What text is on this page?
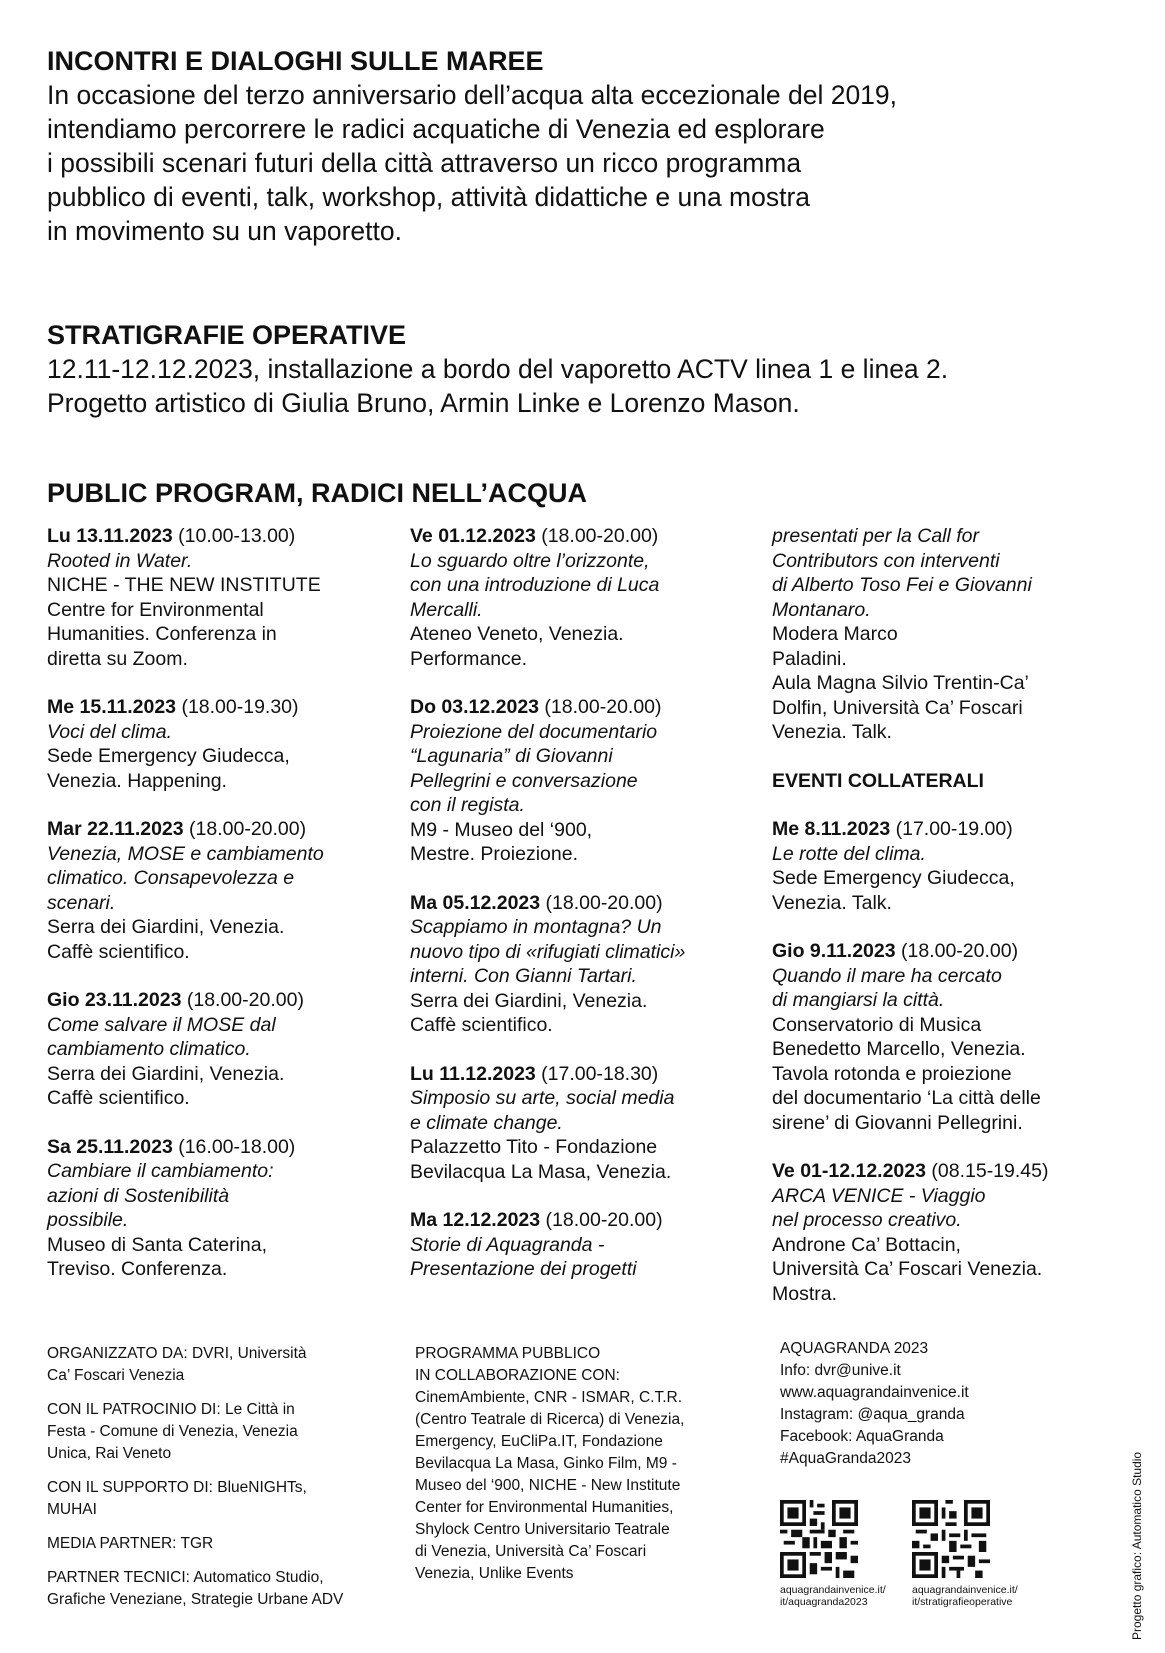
INCONTRI E DIALOGHI SULLE MAREE

In occasione del terzo anniversario dell’acqua alta eccezionale del 2019,
intendiamo percorrere le radici acquatiche di Venezia ed esplorare
i possibili scenari futuri della città attraverso un ricco programma
pubblico di eventi, talk, workshop, attività didattiche e una mostra
in movimento su un vaporetto.

STRATIGRAFIE OPERATIVE

12.11-12.12.2023, installazione a bordo del vaporetto ACTV linea 1 e linea 2.
Progetto artistico di Giulia Bruno, Armin Linke e Lorenzo Mason.

PUBLIC PROGRAM, RADICI NELL’ACQUA
Lu 13.11.2023 (10.00-13.00)
Rooted in Water.
NICHE - THE NEW INSTITUTE
Centre for Environmental
Humanities. Conferenza in
diretta su Zoom.
Me 15.11.2023 (18.00-19.30)
Voci del clima.
Sede Emergency Giudecca,
Venezia. Happening.
Mar 22.11.2023 (18.00-20.00)
Venezia, MOSE e cambiamento
climatico. Consapevolezza e
scenari.
Serra dei Giardini, Venezia.
Caffè scientifico.
Gio 23.11.2023 (18.00-20.00)
Come salvare il MOSE dal
cambiamento climatico.
Serra dei Giardini, Venezia.
Caffè scientifico.
Sa 25.11.2023 (16.00-18.00)
Cambiare il cambiamento:
azioni di Sostenibilità
possibile.
Museo di Santa Caterina,
Treviso. Conferenza.
Ve 01.12.2023 (18.00-20.00)
Lo sguardo oltre l’orizzonte,
con una introduzione di Luca
Mercalli.
Ateneo Veneto, Venezia.
Performance.
Do 03.12.2023 (18.00-20.00)
Proiezione del documentario
“Lagunaria” di Giovanni
Pellegrini e conversazione
con il regista.
M9 - Museo del ‘900,
Mestre. Proiezione.
Ma 05.12.2023 (18.00-20.00)
Scappiamo in montagna? Un
nuovo tipo di «rifugiati climatici»
interni. Con Gianni Tartari.
Serra dei Giardini, Venezia.
Caffè scientifico.
Lu 11.12.2023 (17.00-18.30)
Simposio su arte, social media
e climate change.
Palazzetto Tito - Fondazione
Bevilacqua La Masa, Venezia.
Ma 12.12.2023 (18.00-20.00)
Storie di Aquagranda -
Presentazione dei progetti
presentati per la Call for
Contributors con interventi
di Alberto Toso Fei e Giovanni
Montanaro.
Modera Marco
Paladini.
Aula Magna Silvio Trentin-Ca’
Dolfin, Università Ca’ Foscari
Venezia. Talk.
EVENTI COLLATERALI
Me 8.11.2023 (17.00-19.00)
Le rotte del clima.
Sede Emergency Giudecca,
Venezia. Talk.
Gio 9.11.2023 (18.00-20.00)
Quando il mare ha cercato
di mangiarsi la città.
Conservatorio di Musica
Benedetto Marcello, Venezia.
Tavola rotonda e proiezione
del documentario ‘La città delle
sirene’ di Giovanni Pellegrini.
Ve 01-12.12.2023 (08.15-19.45)
ARCA VENICE - Viaggio
nel processo creativo.
Androne Ca’ Bottacin,
Università Ca’ Foscari Venezia.
Mostra.

ORGANIZZATO DA: DVRI, Università
Ca’ Foscari Venezia

CON IL PATROCINIO DI: Le Città in
Festa - Comune di Venezia, Venezia
Unica, Rai Veneto

CON IL SUPPORTO DI: BlueNIGHTs,
MUHAI

MEDIA PARTNER: TGR

PARTNER TECNICI: Automatico Studio,
Grafiche Veneziane, Strategie Urbane ADV

PROGRAMMA PUBBLICO
IN COLLABORAZIONE CON:
CinemAmbiente, CNR - ISMAR, C.T.R.
(Centro Teatrale di Ricerca) di Venezia,
Emergency, EuCliPa.IT, Fondazione
Bevilacqua La Masa, Ginko Film, M9 -
Museo del ‘900, NICHE - New Institute
Center for Environmental Humanities,
Shylock Centro Universitario Teatrale
di Venezia, Università Ca’ Foscari
Venezia, Unlike Events
AQUAGRANDA 2023
Info: dvr@unive.it
www.aquagrandainvenice.it
Instagram: @aqua_granda
Facebook: AquaGranda
#AquaGranda2023
aquagrandainvenice.it/
it/aquagranda2023
aquagrandainvenice.it/
it/stratigrafieoperative	Progetto grafico: Automatico Studio
